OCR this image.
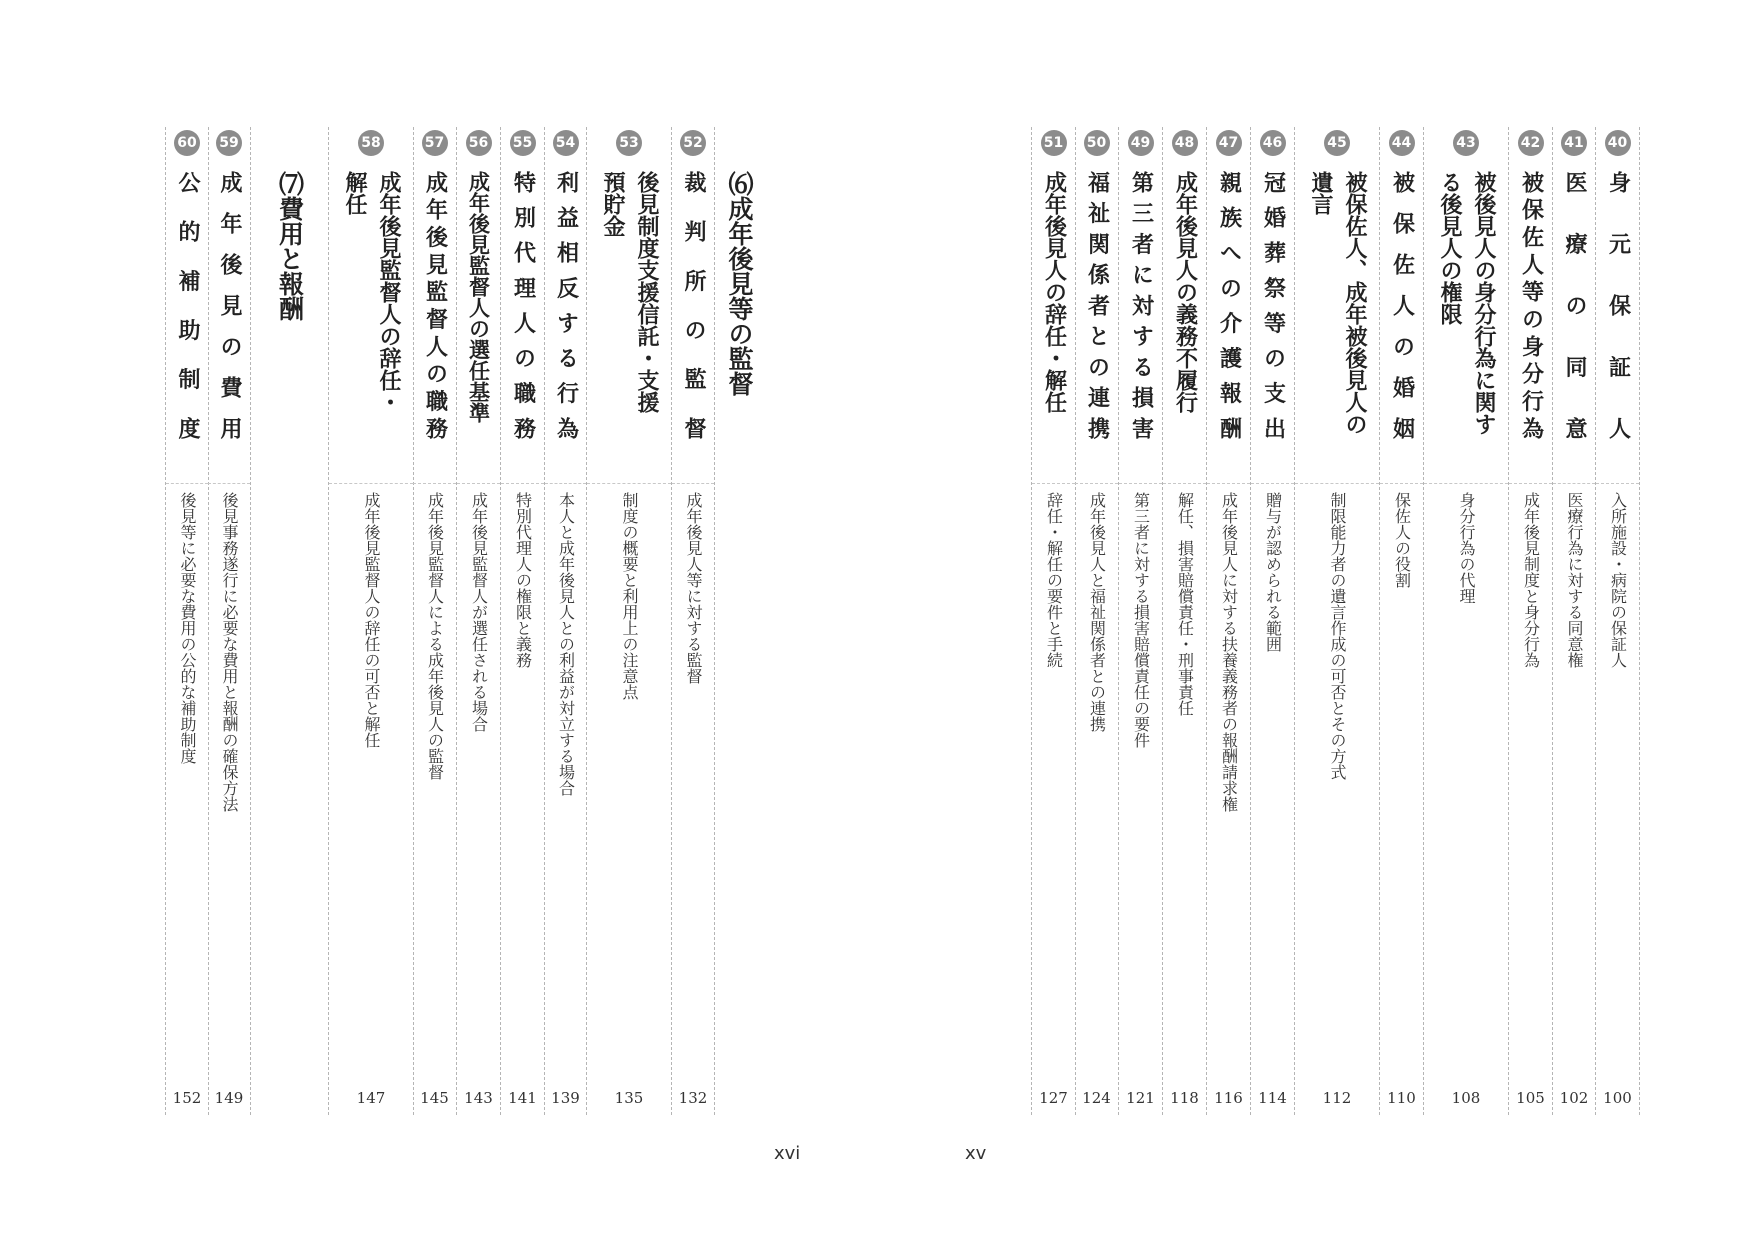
60
公的補助制度
後見等に必要な費用の公的な補助制度
152
59
成年後見の費用
後見事務遂行に必要な費用と報酬の確保方法
149
⑺費用と報酬
58
成年後見監督人の辞任・
解任
成年後見監督人の辞任の可否と解任
147
57
成年後見監督人の職務
成年後見監督人による成年後見人の監督
145
56
成年後見監督人の選任基準
成年後見監督人が選任される場合
143
55
特別代理人の職務
特別代理人の権限と義務
141
54
利益相反する行為
本人と成年後見人との利益が対立する場合
139
53
後見制度支援信託・支援
預貯金
制度の概要と利用上の注意点
135
52
裁判所の監督
成年後見人等に対する監督
132
⑹成年後見等の監督
xvi	xv
51
成年後見人の辞任・解任
辞任・解任の要件と手続
127
50
福祉関係者との連携
成年後見人と福祉関係者との連携
124
49
第三者に対する損害
第三者に対する損害賠償責任の要件
121
48
成年後見人の義務不履行
解任、損害賠償責任・刑事責任
118
47
親族への介護報酬
成年後見人に対する扶養義務者の報酬請求権
116
46
冠婚葬祭等の支出
贈与が認められる範囲
114
45
被保佐人、成年被後見人の
遺言
制限能力者の遺言作成の可否とその方式
112
44
被保佐人の婚姻
保佐人の役割
110
43
被後見人の身分行為に関す
る後見人の権限
身分行為の代理
108
42
被保佐人等の身分行為
成年後見制度と身分行為
105
41
医療の同意
医療行為に対する同意権
102
40
身元保証人
入所施設・病院の保証人
100
